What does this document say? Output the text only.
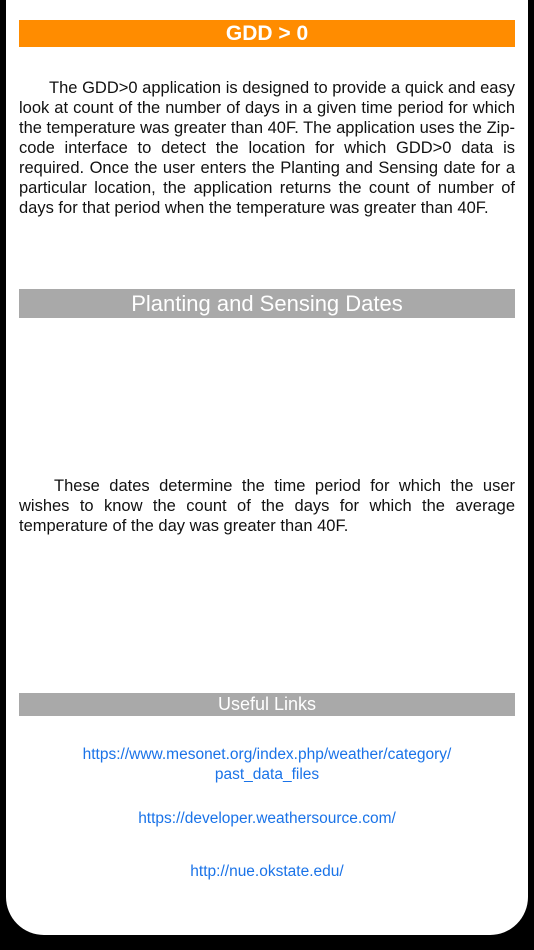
GDD > 0

The GDD>0 application is designed to provide a quick and easy look at count of the number of days in a given time period for which the temperature was greater than 40F. The application uses the Zip-code interface to detect the location for which GDD>0 data is required. Once the user enters the Planting and Sensing date for a particular location, the application returns the count of number of days for that period when the temperature was greater than 40F.

Planting and Sensing Dates

These dates determine the time period for which the user wishes to know the count of the days for which the average temperature of the day was greater than 40F.

Useful Links
https://www.mesonet.org/index.php/weather/category/
past_data_files
https://developer.weathersource.com/
http://nue.okstate.edu/
